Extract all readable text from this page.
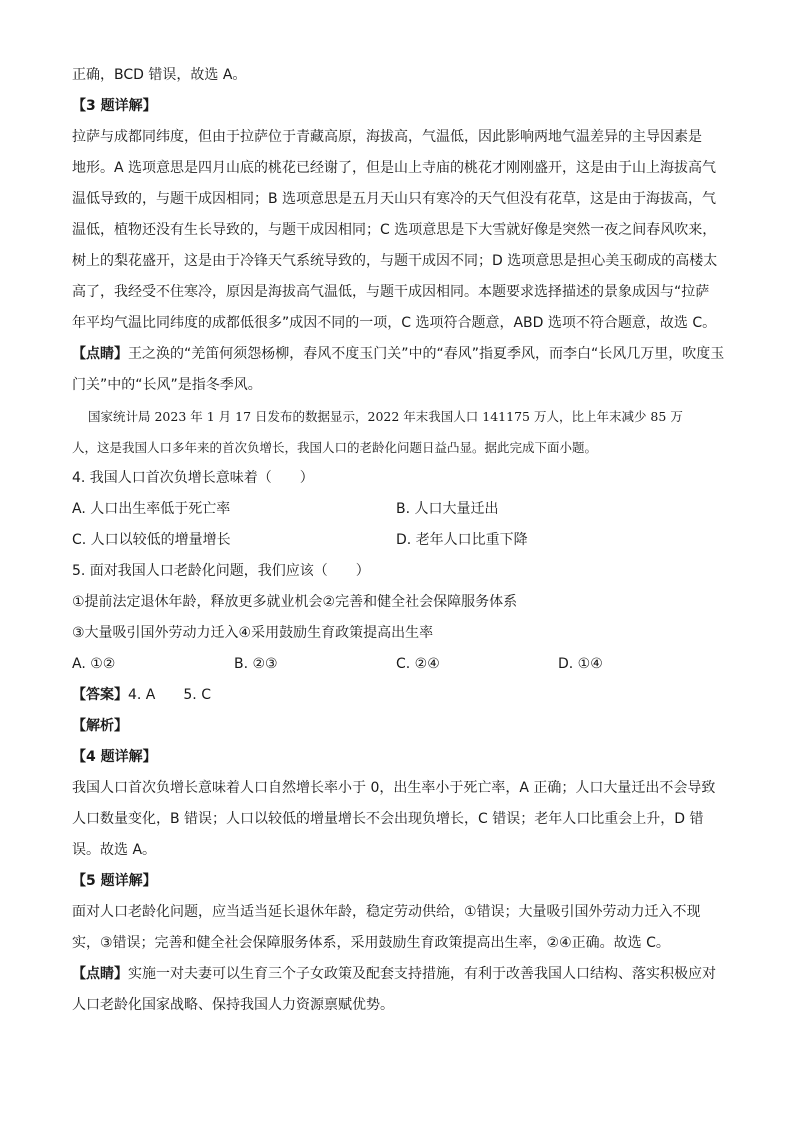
正确，BCD 错误，故选 A。
【3 题详解】
拉萨与成都同纬度，但由于拉萨位于青藏高原，海拔高，气温低，因此影响两地气温差异的主导因素是
地形。A 选项意思是四月山底的桃花已经谢了，但是山上寺庙的桃花才刚刚盛开，这是由于山上海拔高气
温低导致的，与题干成因相同；B 选项意思是五月天山只有寒冷的天气但没有花草，这是由于海拔高，气
温低，植物还没有生长导致的，与题干成因相同；C 选项意思是下大雪就好像是突然一夜之间春风吹来，
树上的梨花盛开，这是由于冷锋天气系统导致的，与题干成因不同；D 选项意思是担心美玉砌成的高楼太
高了，我经受不住寒冷，原因是海拔高气温低，与题干成因相同。本题要求选择描述的景象成因与“拉萨
年平均气温比同纬度的成都低很多”成因不同的一项，C 选项符合题意，ABD 选项不符合题意，故选 C。
【点睛】王之涣的“羌笛何须怨杨柳，春风不度玉门关”中的“春风”指夏季风，而李白“长风几万里，吹度玉
门关”中的“长风”是指冬季风。
国家统计局 2023 年 1 月 17 日发布的数据显示，2022 年末我国人口 141175 万人，比上年末减少 85 万
人，这是我国人口多年来的首次负增长，我国人口的老龄化问题日益凸显。据此完成下面小题。
4. 我国人口首次负增长意味着（　　）
A. 人口出生率低于死亡率	B. 人口大量迁出
C. 人口以较低的增量增长	D. 老年人口比重下降
5. 面对我国人口老龄化问题，我们应该（　　）
①提前法定退休年龄，释放更多就业机会②完善和健全社会保障服务体系
③大量吸引国外劳动力迁入④采用鼓励生育政策提高出生率
A. ①②	B. ②③	C. ②④	D. ①④
【答案】4. A 5. C
【解析】
【4 题详解】
我国人口首次负增长意味着人口自然增长率小于 0，出生率小于死亡率，A 正确；人口大量迁出不会导致
人口数量变化，B 错误；人口以较低的增量增长不会出现负增长，C 错误；老年人口比重会上升，D 错
误。故选 A。
【5 题详解】
面对人口老龄化问题，应当适当延长退休年龄，稳定劳动供给，①错误；大量吸引国外劳动力迁入不现
实，③错误；完善和健全社会保障服务体系，采用鼓励生育政策提高出生率，②④正确。故选 C。
【点睛】实施一对夫妻可以生育三个子女政策及配套支持措施，有利于改善我国人口结构、落实积极应对
人口老龄化国家战略、保持我国人力资源禀赋优势。
